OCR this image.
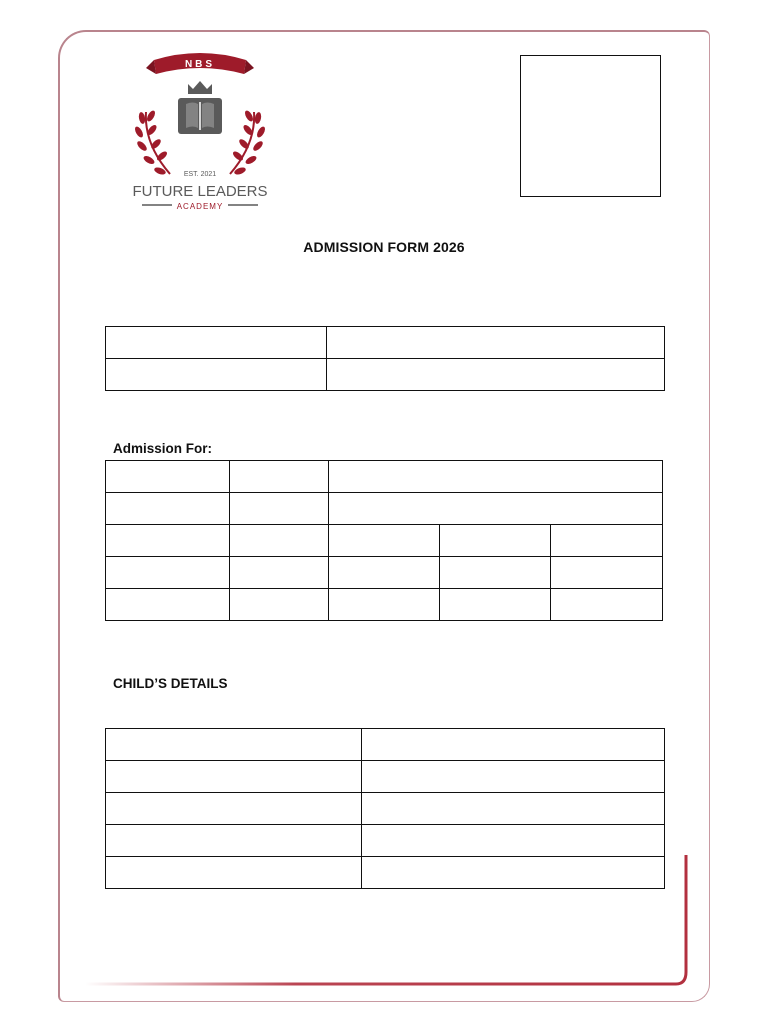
NBS
EST. 2021
FUTURE LEADERS
ACADEMY
ADMISSION FORM 2026

Admission For:

CHILD’S DETAILS
